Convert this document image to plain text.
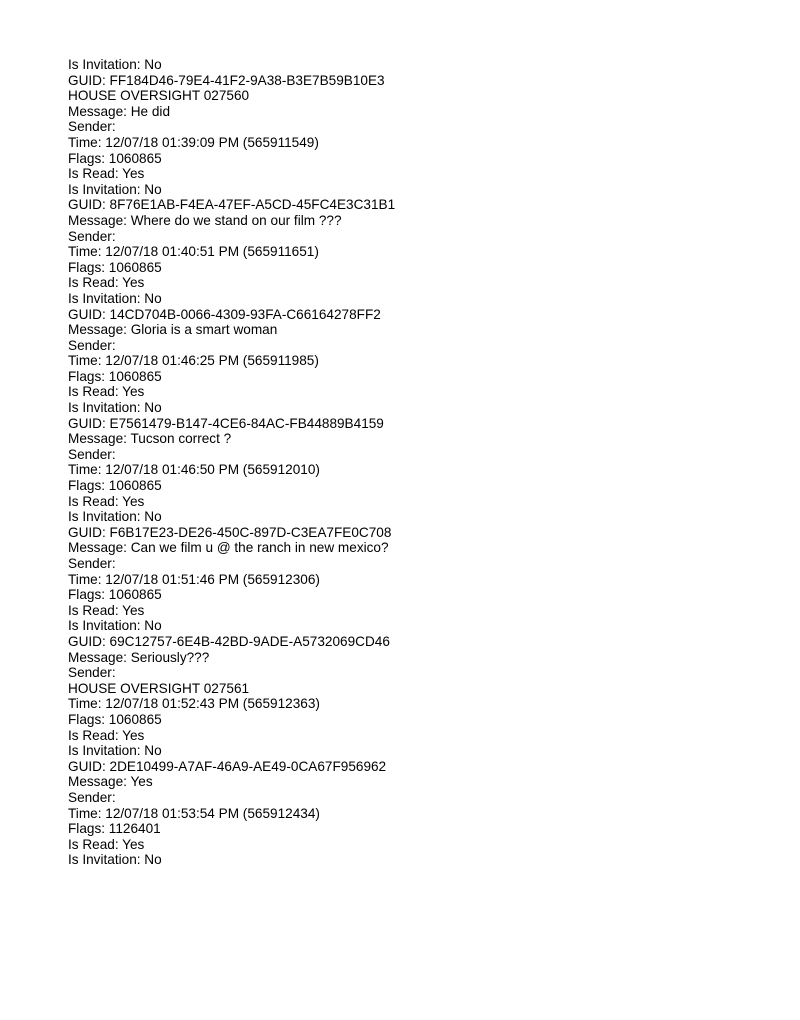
Is Invitation: No
GUID: FF184D46-79E4-41F2-9A38-B3E7B59B10E3
HOUSE OVERSIGHT 027560
Message: He did
Sender:
Time: 12/07/18 01:39:09 PM (565911549)
Flags: 1060865
Is Read: Yes
Is Invitation: No
GUID: 8F76E1AB-F4EA-47EF-A5CD-45FC4E3C31B1
Message: Where do we stand on our film ???
Sender:
Time: 12/07/18 01:40:51 PM (565911651)
Flags: 1060865
Is Read: Yes
Is Invitation: No
GUID: 14CD704B-0066-4309-93FA-C66164278FF2
Message: Gloria is a smart woman
Sender:
Time: 12/07/18 01:46:25 PM (565911985)
Flags: 1060865
Is Read: Yes
Is Invitation: No
GUID: E7561479-B147-4CE6-84AC-FB44889B4159
Message: Tucson correct ?
Sender:
Time: 12/07/18 01:46:50 PM (565912010)
Flags: 1060865
Is Read: Yes
Is Invitation: No
GUID: F6B17E23-DE26-450C-897D-C3EA7FE0C708
Message: Can we film u @ the ranch in new mexico?
Sender:
Time: 12/07/18 01:51:46 PM (565912306)
Flags: 1060865
Is Read: Yes
Is Invitation: No
GUID: 69C12757-6E4B-42BD-9ADE-A5732069CD46
Message: Seriously???
Sender:
HOUSE OVERSIGHT 027561
Time: 12/07/18 01:52:43 PM (565912363)
Flags: 1060865
Is Read: Yes
Is Invitation: No
GUID: 2DE10499-A7AF-46A9-AE49-0CA67F956962
Message: Yes
Sender:
Time: 12/07/18 01:53:54 PM (565912434)
Flags: 1126401
Is Read: Yes
Is Invitation: No
